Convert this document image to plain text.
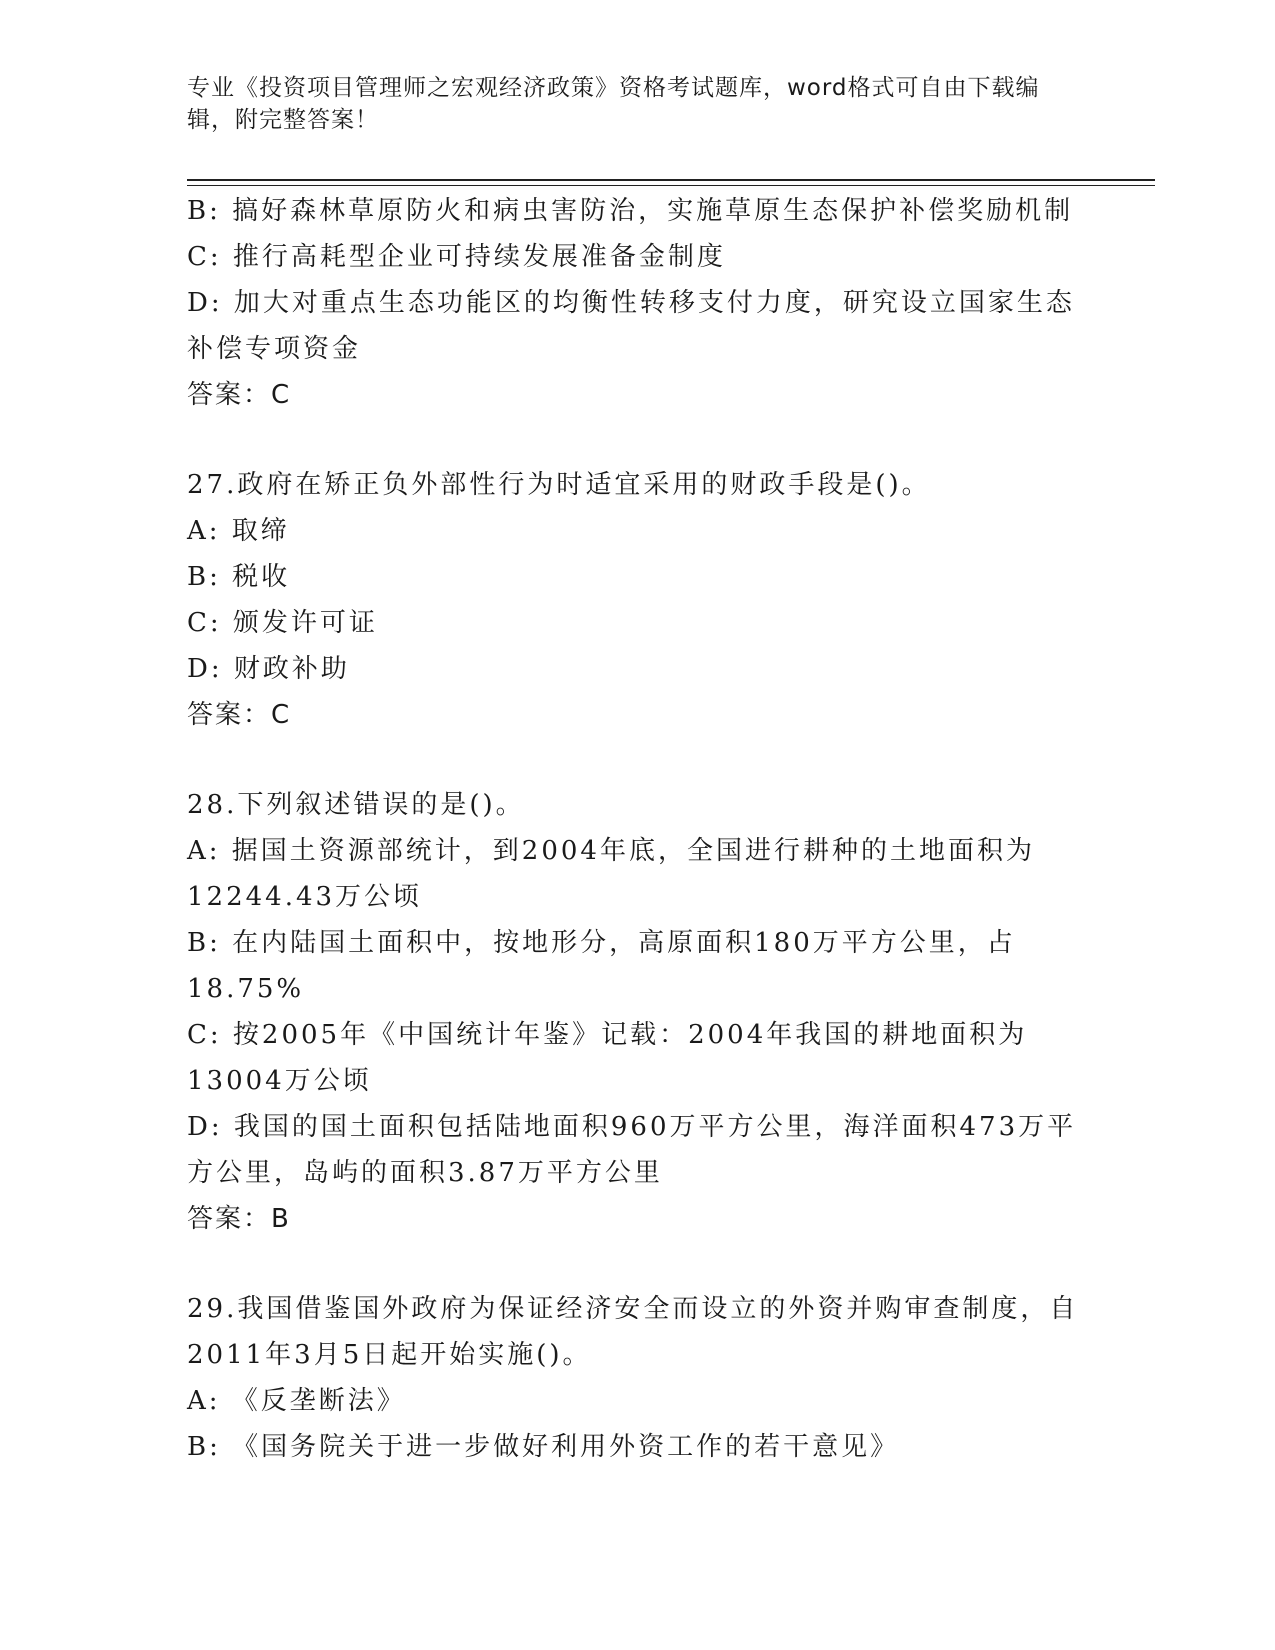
专业《投资项目管理师之宏观经济政策》资格考试题库，word格式可自由下载编
辑，附完整答案！

B: 搞好森林草原防火和病虫害防治，实施草原生态保护补偿奖励机制

C: 推行高耗型企业可持续发展准备金制度

D: 加大对重点生态功能区的均衡性转移支付力度，研究设立国家生态

补偿专项资金

答案：C

27.政府在矫正负外部性行为时适宜采用的财政手段是()。

A: 取缔

B: 税收

C: 颁发许可证

D: 财政补助

答案：C

28.下列叙述错误的是()。

A: 据国土资源部统计，到2004年底，全国进行耕种的土地面积为

12244.43万公顷

B: 在内陆国土面积中，按地形分，高原面积180万平方公里，占

18.75%

C: 按2005年《中国统计年鉴》记载：2004年我国的耕地面积为

13004万公顷

D: 我国的国土面积包括陆地面积960万平方公里，海洋面积473万平

方公里，岛屿的面积3.87万平方公里

答案：B

29.我国借鉴国外政府为保证经济安全而设立的外资并购审查制度，自

2011年3月5日起开始实施()。

A: 《反垄断法》

B: 《国务院关于进一步做好利用外资工作的若干意见》
